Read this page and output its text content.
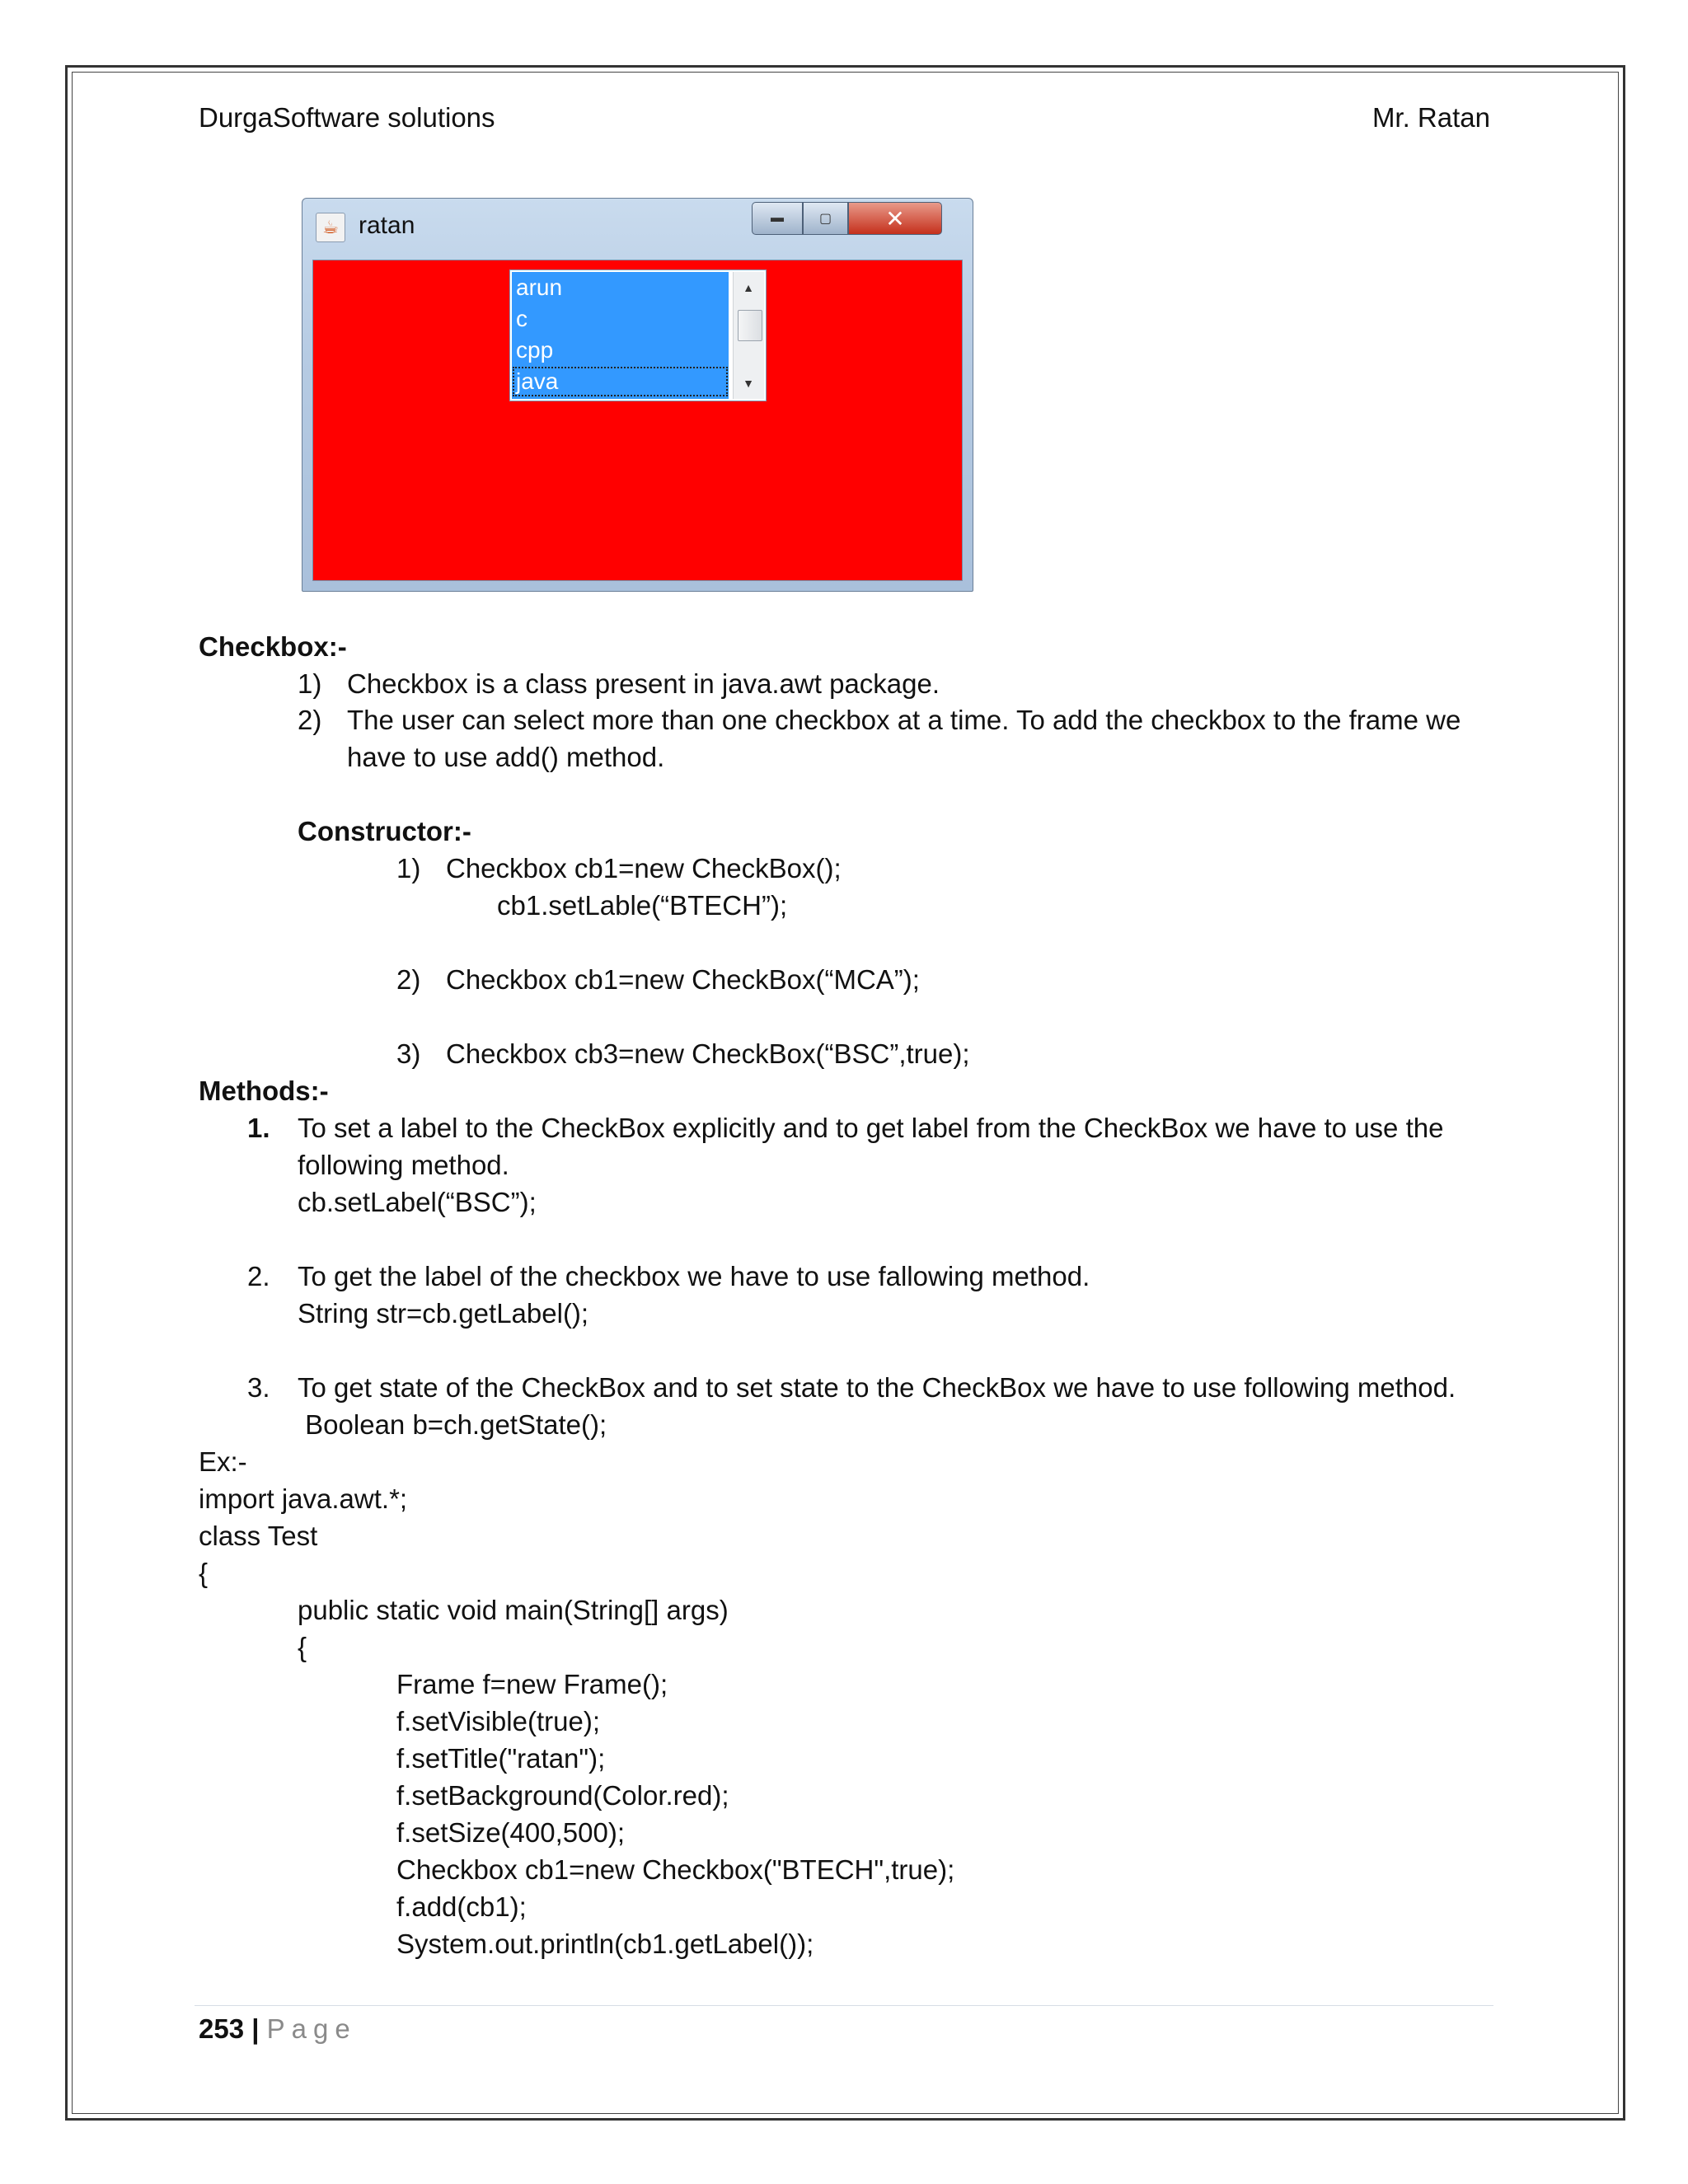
DurgaSoftware solutions	Mr. Ratan
☕ ratan	▬	▢ ✕
arun
c
cpp
java
▲
▼
Checkbox:-
1) Checkbox is a class present in java.awt package.
2) The user can select more than one checkbox at a time. To add the checkbox to the frame we
have to use add() method.
Constructor:-
1) Checkbox cb1=new CheckBox();
cb1.setLable(“BTECH”);
2) Checkbox cb1=new CheckBox(“MCA”);
3) Checkbox cb3=new CheckBox(“BSC”,true);
Methods:-
1. To set a label to the CheckBox explicitly and to get label from the CheckBox we have to use the
following method.
cb.setLabel(“BSC”);
2. To get the label of the checkbox we have to use fallowing method.
String str=cb.getLabel();
3. To get state of the CheckBox and to set state to the CheckBox we have to use following method.
Boolean b=ch.getState();
Ex:-
import java.awt.*;
class Test
{
public static void main(String[] args)
{
Frame f=new Frame();
f.setVisible(true);
f.setTitle("ratan");
f.setBackground(Color.red);
f.setSize(400,500);
Checkbox cb1=new Checkbox("BTECH",true);
f.add(cb1);
System.out.println(cb1.getLabel());
253 | Page
